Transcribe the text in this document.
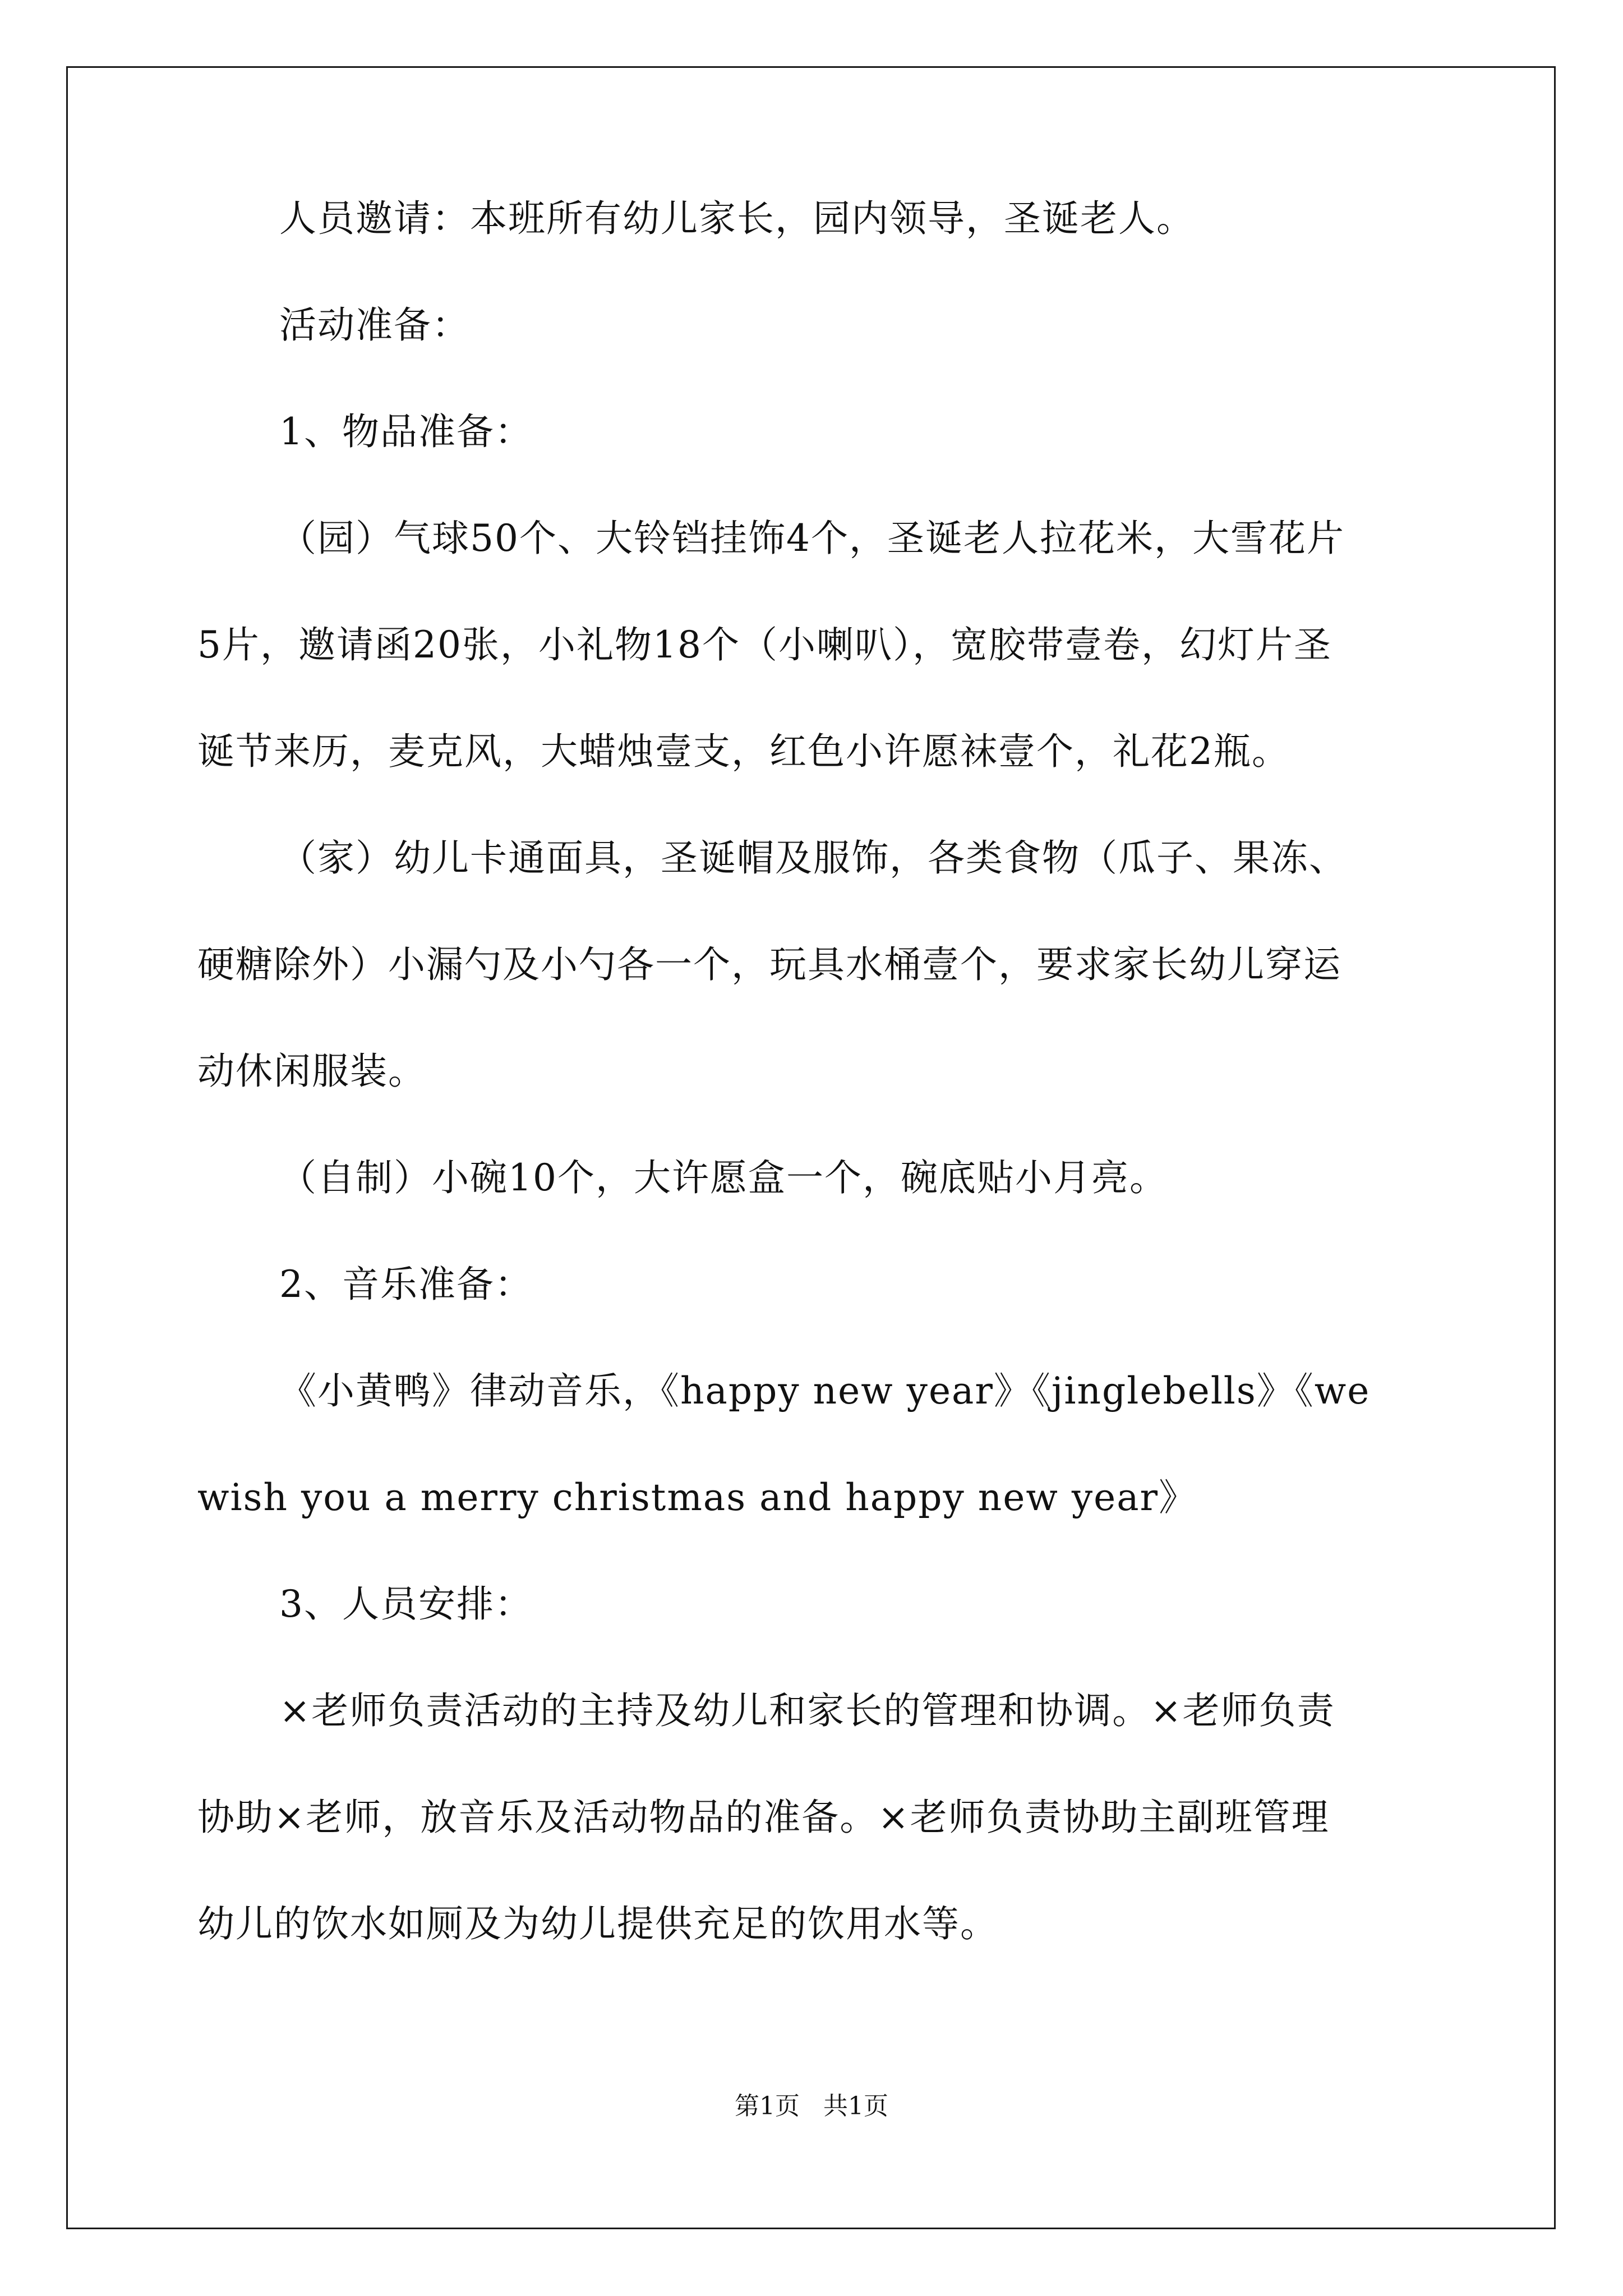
人员邀请：本班所有幼儿家长，园内领导，圣诞老人。
活动准备：
1、物品准备：
（园）气球50个、大铃铛挂饰4个，圣诞老人拉花米，大雪花片
5片，邀请函20张，小礼物18个（小喇叭），宽胶带壹卷，幻灯片圣
诞节来历，麦克风，大蜡烛壹支，红色小许愿袜壹个，礼花2瓶。
（家）幼儿卡通面具，圣诞帽及服饰，各类食物（瓜子、果冻、
硬糖除外）小漏勺及小勺各一个，玩具水桶壹个，要求家长幼儿穿运
动休闲服装。
（自制）小碗10个，大许愿盒一个，碗底贴小月亮。
2、音乐准备：
《小黄鸭》律动音乐，《happy new year》《jinglebells》《we
wish you a merry christmas and happy new year》
3、人员安排：
×老师负责活动的主持及幼儿和家长的管理和协调。×老师负责
协助×老师，放音乐及活动物品的准备。×老师负责协助主副班管理
幼儿的饮水如厕及为幼儿提供充足的饮用水等。
第1页   共1页
